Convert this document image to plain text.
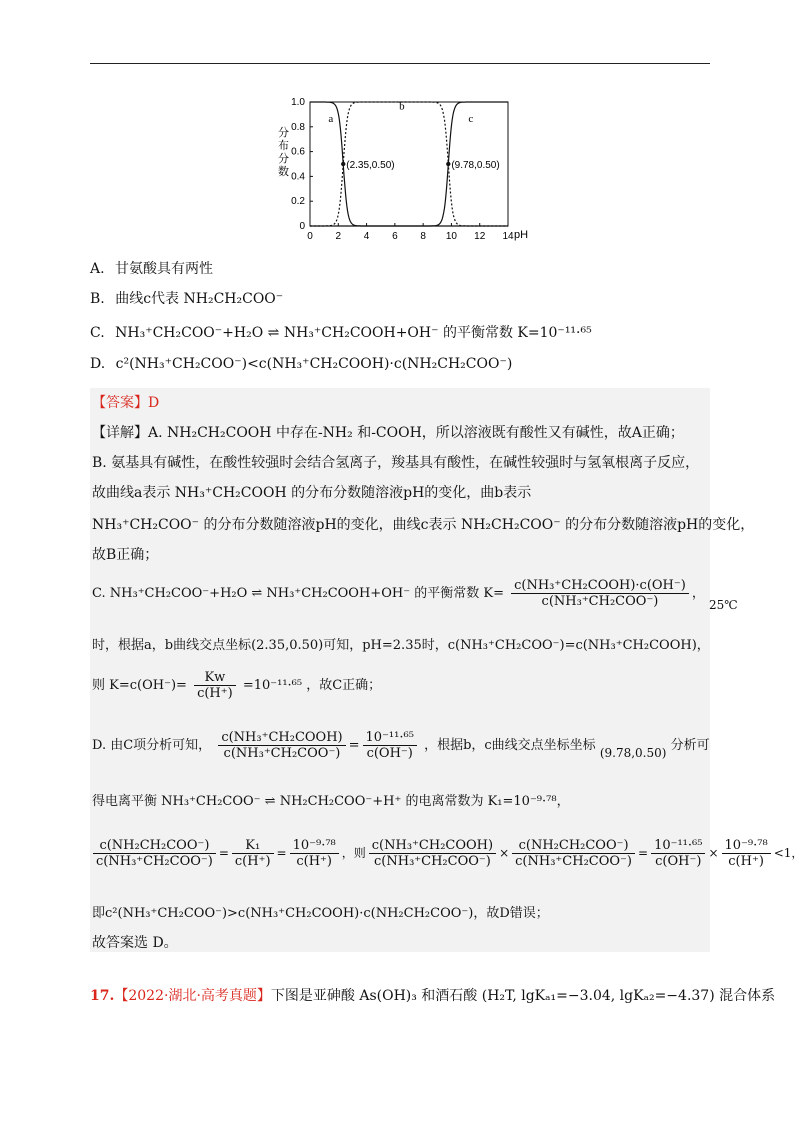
0 2 4 6 8 10 12 14
0
0.2
0.4
0.6
0.8
1.0
pH
分
布
分
数
a
b
c
(2.35,0.50)	(9.78,0.50)
A. 甘氨酸具有两性
B. 曲线c代表 NH₂CH₂COO⁻
C. NH₃⁺CH₂COO⁻+H₂O ⇌ NH₃⁺CH₂COOH+OH⁻ 的平衡常数 K=10⁻¹¹·⁶⁵
D. c²(NH₃⁺CH₂COO⁻)<c(NH₃⁺CH₂COOH)·c(NH₂CH₂COO⁻)
【答案】D
【详解】A. NH₂CH₂COOH 中存在-NH₂ 和-COOH，所以溶液既有酸性又有碱性，故A正确；
B. 氨基具有碱性，在酸性较强时会结合氢离子，羧基具有酸性，在碱性较强时与氢氧根离子反应，
故曲线a表示 NH₃⁺CH₂COOH 的分布分数随溶液pH的变化，曲b表示
NH₃⁺CH₂COO⁻ 的分布分数随溶液pH的变化，曲线c表示 NH₂CH₂COO⁻ 的分布分数随溶液pH的变化，
故B正确；
C. NH₃⁺CH₂COO⁻+H₂O ⇌ NH₃⁺CH₂COOH+OH⁻ 的平衡常数 $K= \frac{\text{c(NH₃⁺CH₂COOH)·c(OH⁻)}}{\text{c(NH₃⁺CH₂COO⁻)}}$ ， 25℃
时，根据a，b曲线交点坐标(2.35,0.50)可知，pH=2.35时，c(NH₃⁺CH₂COO⁻)=c(NH₃⁺CH₂COOH)，
则 $K=c(OH^-)= \frac{Kw}{c(H^+)} =10^{-11}\cdot^{65}$ ，故C正确；
D. 由C项分析可知， $\frac{\text{c(NH₃⁺CH₂COOH)}}{\text{c(NH₃⁺CH₂COO⁻)}} = \frac{\text{10⁻¹¹·⁶⁵}}{c(OH^-)}$ ，根据b，c曲线交点坐标坐标 (9.78,0.50) 分析可
得电离平衡 NH₃⁺CH₂COO⁻ ⇌ NH₂CH₂COO⁻+H⁺ 的电离常数为 K₁=10⁻⁹·⁷⁸，
$\frac{\text{c(NH₂CH₂COO⁻)}}{\text{c(NH₃⁺CH₂COO⁻)}} = \frac{\text{K₁}}{c(H^+)} = \frac{\text{10⁻⁹·⁷⁸}}{c(H^+)}$ ，则 $\frac{\text{c(NH₃⁺CH₂COOH)}}{\text{c(NH₃⁺CH₂COO⁻)}} \times \frac{\text{c(NH₂CH₂COO⁻)}}{\text{c(NH₃⁺CH₂COO⁻)}} = \frac{\text{10⁻¹¹·⁶⁵}}{c(OH^-)} \times \frac{\text{10⁻⁹·⁷⁸}}{c(H^+)} <1$，
即c²(NH₃⁺CH₂COO⁻)>c(NH₃⁺CH₂COOH)·c(NH₂CH₂COO⁻)，故D错误；
故答案选 D。
17.【2022·湖北·高考真题】下图是亚砷酸 As(OH)₃ 和酒石酸 (H₂T, lgKₐ₁=−3.04, lgKₐ₂=−4.37) 混合体系
